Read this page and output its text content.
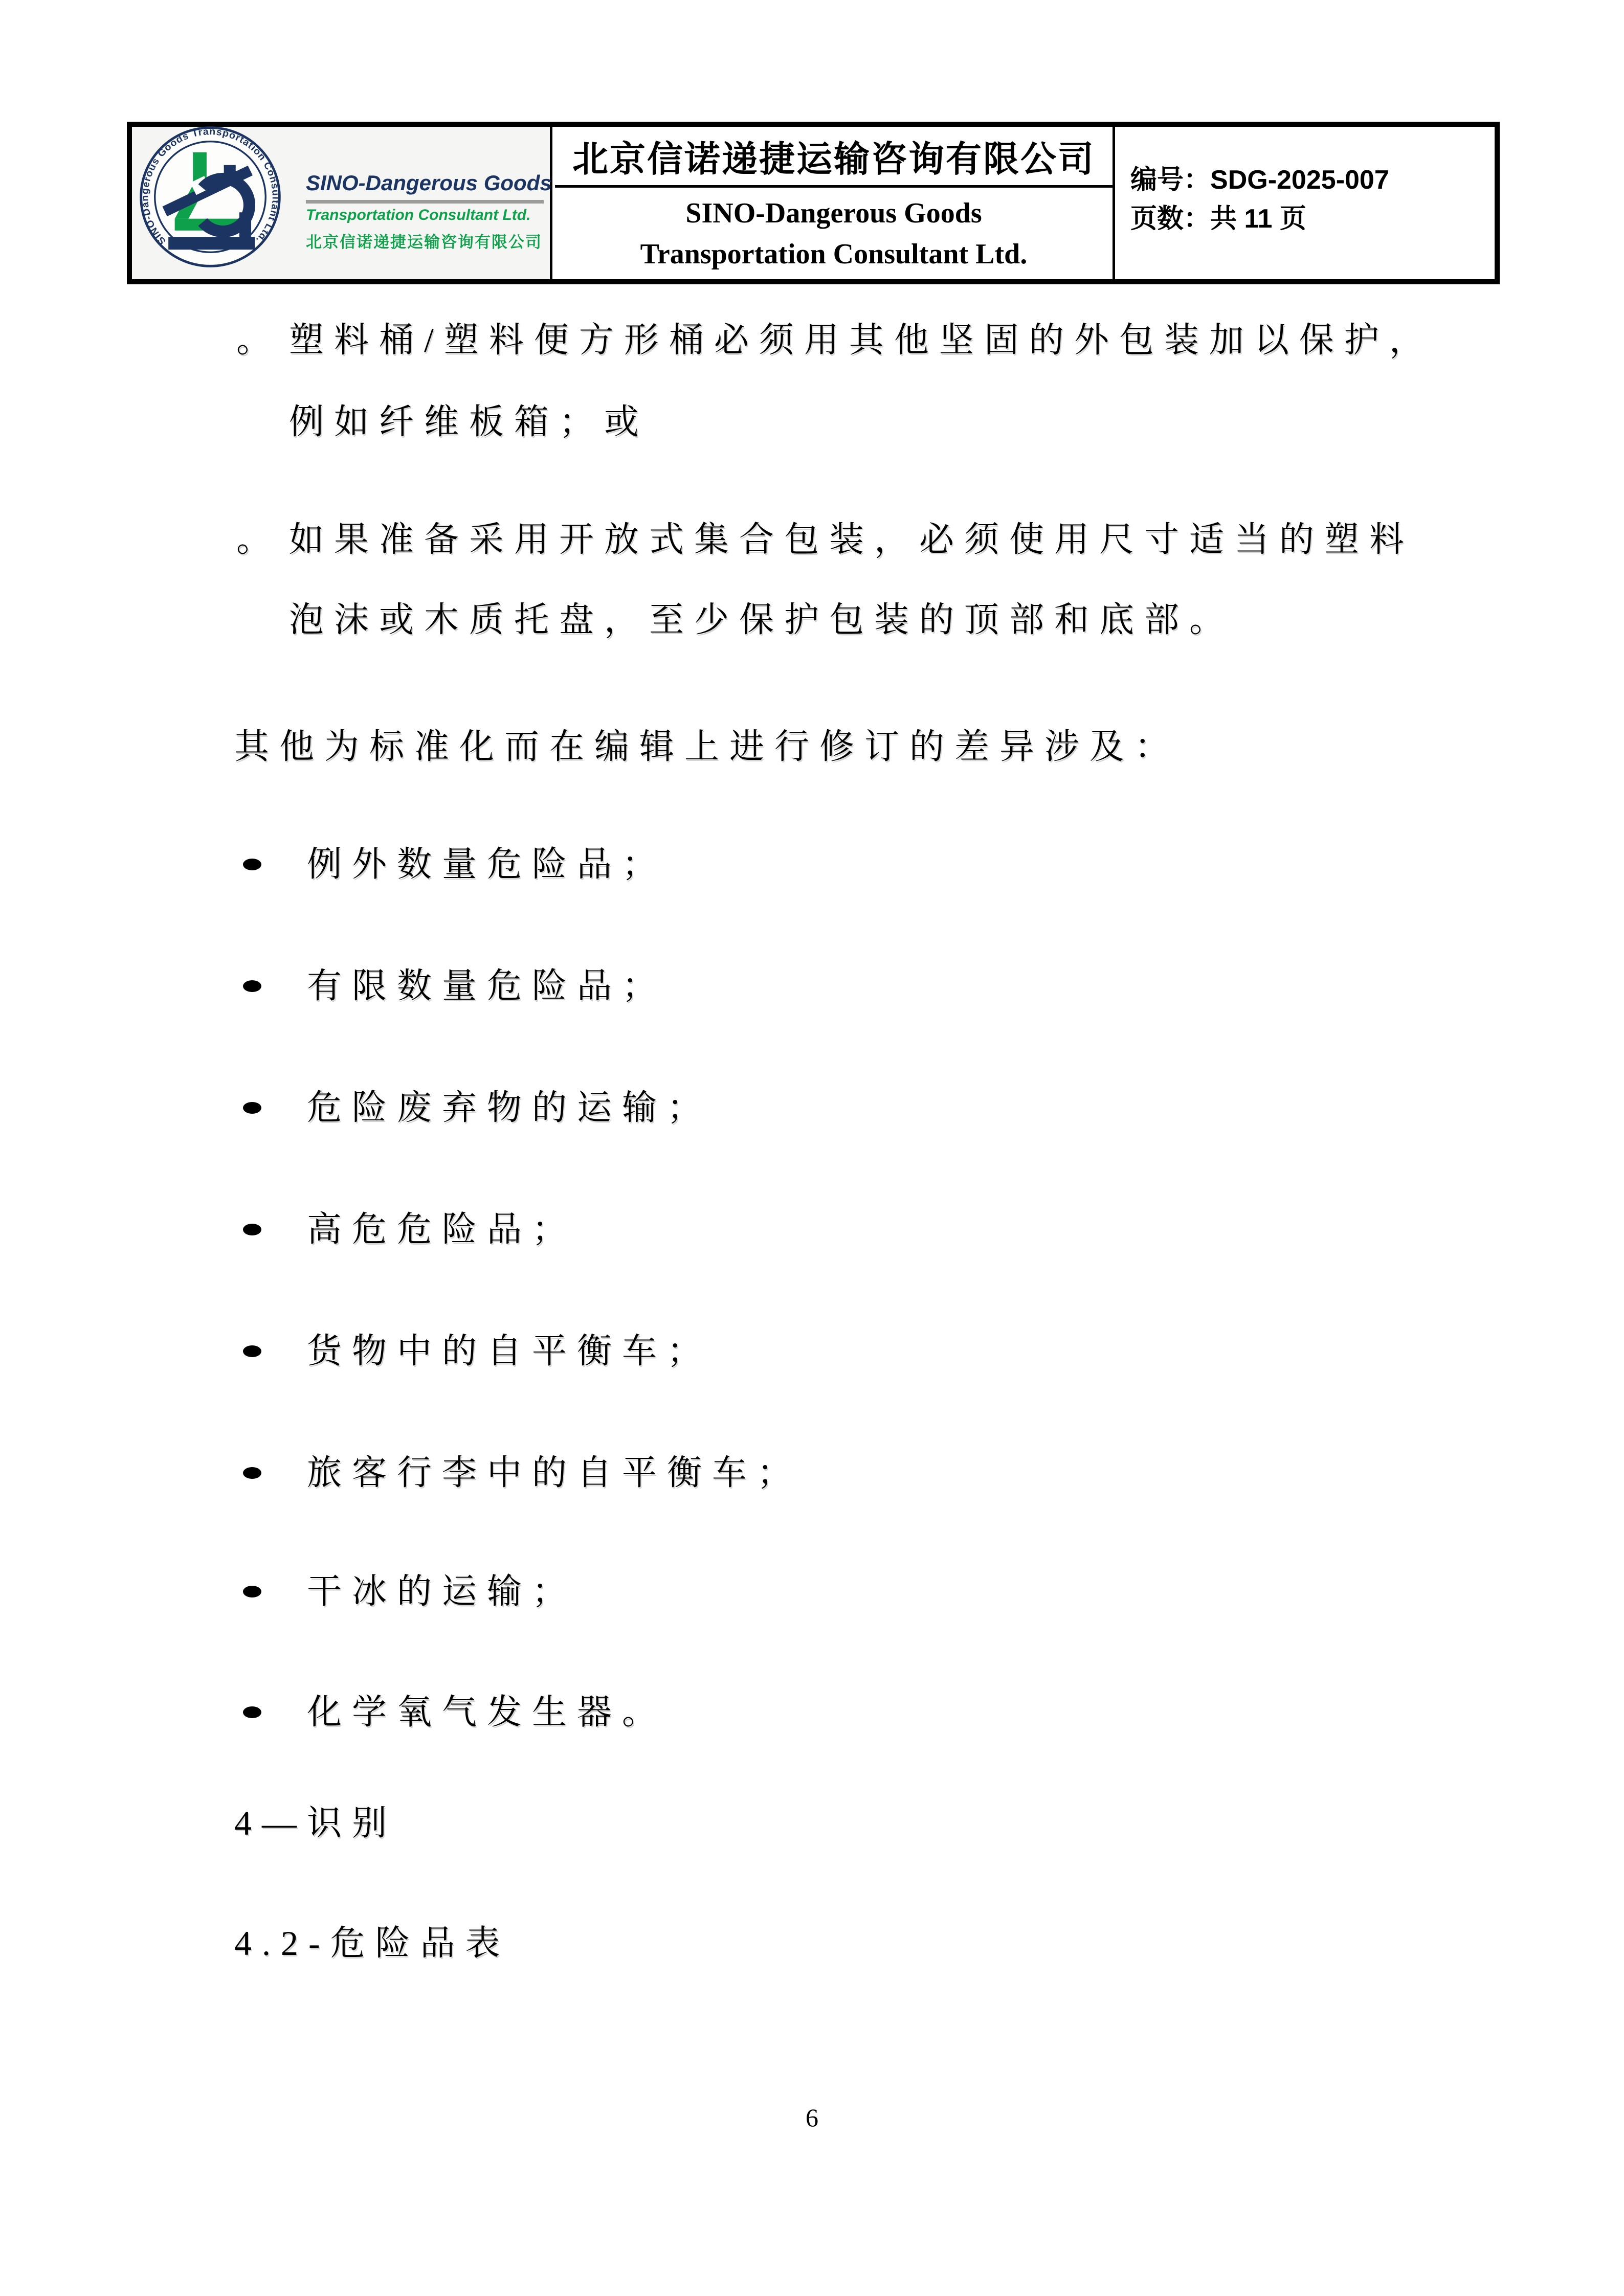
SINO-Dangerous Goods Transportation Consultant Ltd.
SINO-Dangerous Goods
Transportation Consultant Ltd.
北京信诺递捷运输咨询有限公司
北京信诺递捷运输咨询有限公司
SINO-Dangerous Goods
Transportation Consultant Ltd.
编号：SDG-2025-007
页数：共 11 页
。 塑料桶/塑料便方形桶必须用其他坚固的外包装加以保护，
例如纤维板箱；或
。 如果准备采用开放式集合包装，必须使用尺寸适当的塑料
泡沫或木质托盘，至少保护包装的顶部和底部。
其他为标准化而在编辑上进行修订的差异涉及：
例外数量危险品；
有限数量危险品；
危险废弃物的运输；
高危危险品；
货物中的自平衡车；
旅客行李中的自平衡车；
干冰的运输；
化学氧气发生器。
4—识别
4.2-危险品表
6
